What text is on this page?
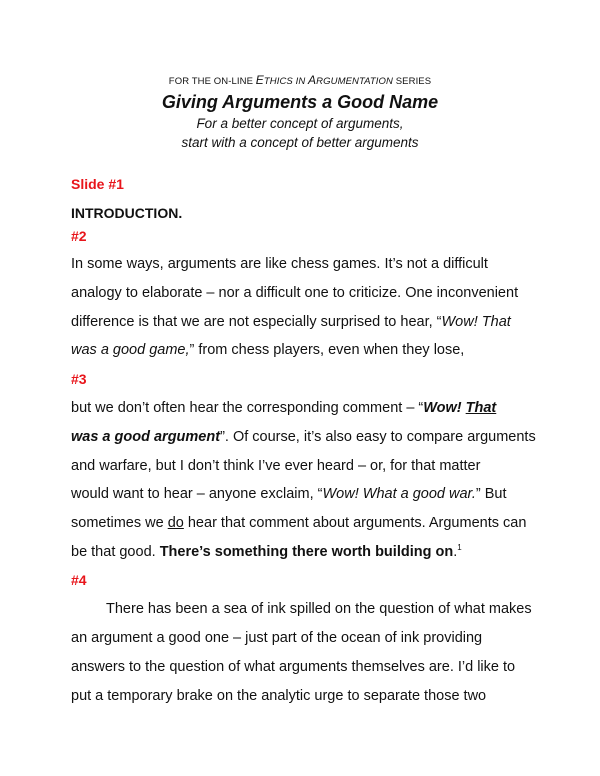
FOR THE ON-LINE ETHICS IN ARGUMENTATION SERIES
Giving Arguments a Good Name
For a better concept of arguments,
start with a concept of better arguments
Slide #1
INTRODUCTION.
#2
In some ways, arguments are like chess games. It’s not a difficult
analogy to elaborate – nor a difficult one to criticize. One inconvenient
difference is that we are not especially surprised to hear, “Wow! That
was a good game,” from chess players, even when they lose,
#3
but we don’t often hear the corresponding comment – “Wow! That
was a good argument”. Of course, it’s also easy to compare arguments
and warfare, but I don’t think I’ve ever heard – or, for that matter
would want to hear – anyone exclaim, “Wow! What a good war.” But
sometimes we do hear that comment about arguments. Arguments can
be that good. There’s something there worth building on.$^1$
#4
There has been a sea of ink spilled on the question of what makes
an argument a good one – just part of the ocean of ink providing
answers to the question of what arguments themselves are. I’d like to
put a temporary brake on the analytic urge to separate those two
